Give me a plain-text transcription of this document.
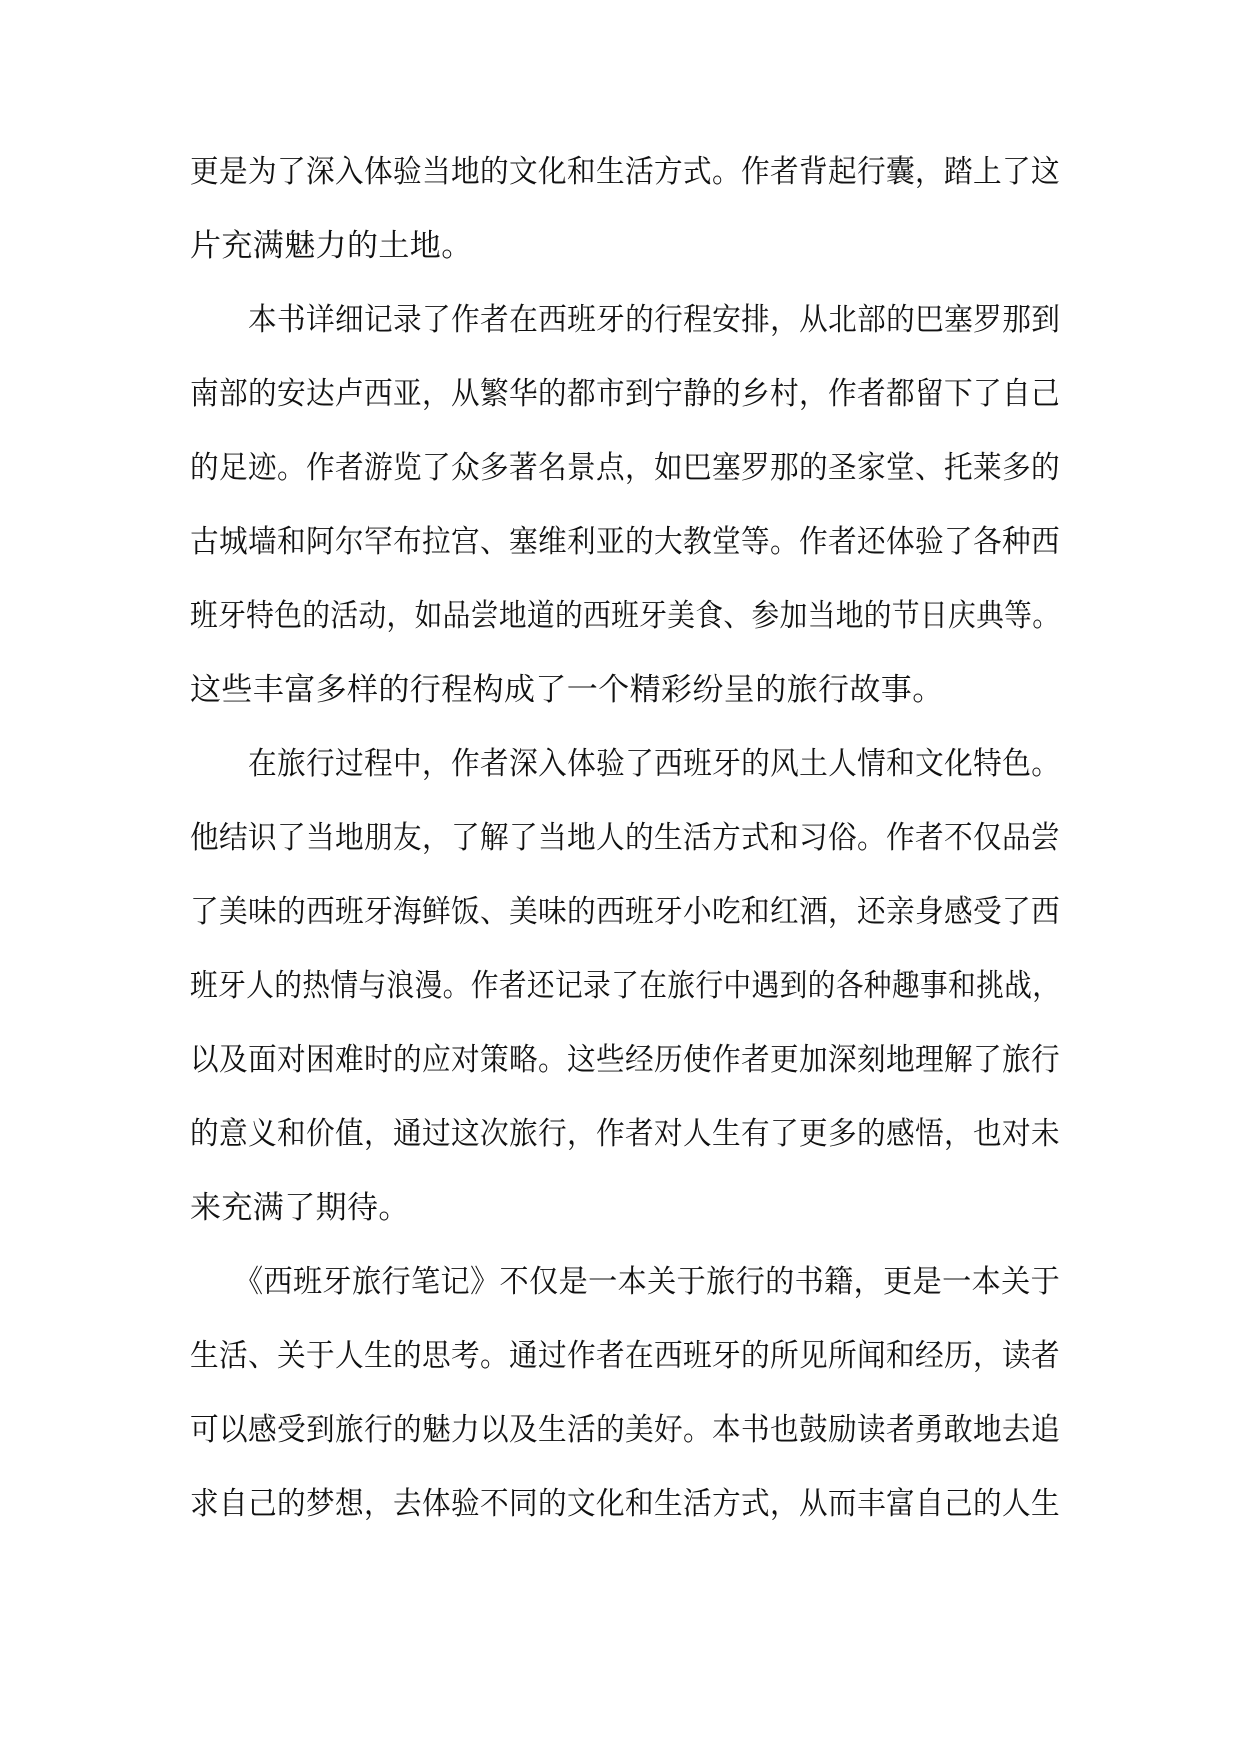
更是为了深入体验当地的文化和生活方式。作者背起行囊，踏上了这
片充满魅力的土地。
本书详细记录了作者在西班牙的行程安排，从北部的巴塞罗那到
南部的安达卢西亚，从繁华的都市到宁静的乡村，作者都留下了自己
的足迹。作者游览了众多著名景点，如巴塞罗那的圣家堂、托莱多的
古城墙和阿尔罕布拉宫、塞维利亚的大教堂等。作者还体验了各种西
班牙特色的活动，如品尝地道的西班牙美食、参加当地的节日庆典等。
这些丰富多样的行程构成了一个精彩纷呈的旅行故事。
在旅行过程中，作者深入体验了西班牙的风土人情和文化特色。
他结识了当地朋友，了解了当地人的生活方式和习俗。作者不仅品尝
了美味的西班牙海鲜饭、美味的西班牙小吃和红酒，还亲身感受了西
班牙人的热情与浪漫。作者还记录了在旅行中遇到的各种趣事和挑战，
以及面对困难时的应对策略。这些经历使作者更加深刻地理解了旅行
的意义和价值，通过这次旅行，作者对人生有了更多的感悟，也对未
来充满了期待。
《西班牙旅行笔记》不仅是一本关于旅行的书籍，更是一本关于
生活、关于人生的思考。通过作者在西班牙的所见所闻和经历，读者
可以感受到旅行的魅力以及生活的美好。本书也鼓励读者勇敢地去追
求自己的梦想，去体验不同的文化和生活方式，从而丰富自己的人生
